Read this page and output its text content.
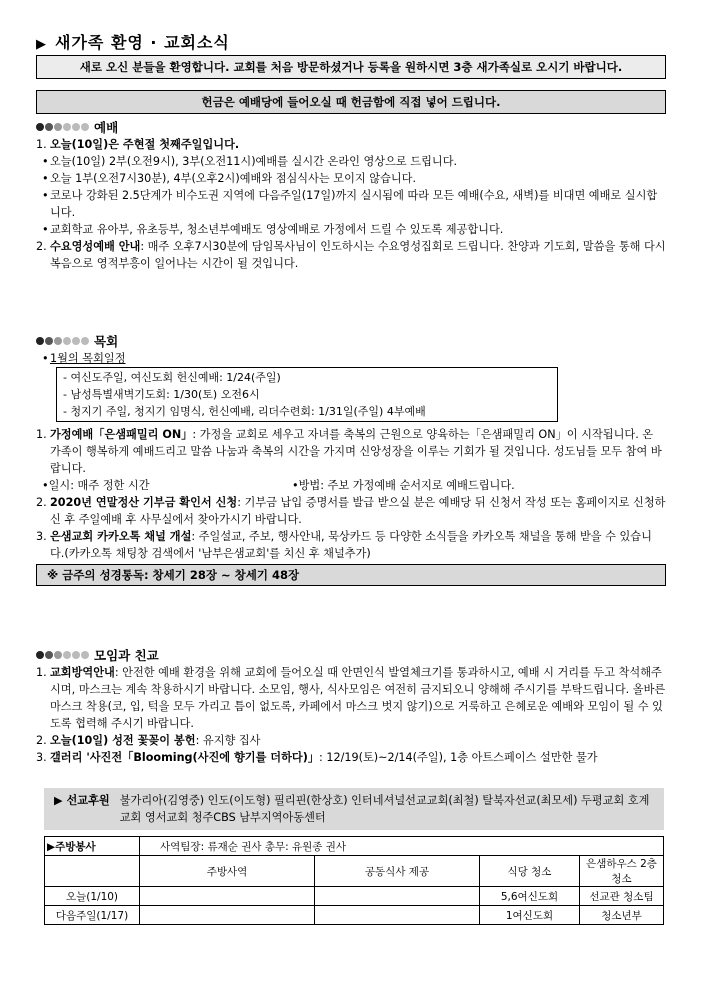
▶ 새가족 환영 · 교회소식
새로 오신 분들을 환영합니다. 교회를 처음 방문하셨거나 등록을 원하시면 3층 새가족실로 오시기 바랍니다.
헌금은 예배당에 들어오실 때 헌금함에 직접 넣어 드립니다.
예배
1. 오늘(10일)은 주현절 첫째주일입니다.
• 오늘(10일) 2부(오전9시), 3부(오전11시)예배를 실시간 온라인 영상으로 드립니다.
• 오늘 1부(오전7시30분), 4부(오후2시)예배와 점심식사는 모이지 않습니다.
• 코로나 강화된 2.5단계가 비수도권 지역에 다음주일(17일)까지 실시됨에 따라 모든 예배(수요, 새벽)를 비대면 예배로 실시합니다.
• 교회학교 유아부, 유초등부, 청소년부예배도 영상예배로 가정에서 드릴 수 있도록 제공합니다.
2. 수요영성예배 안내: 매주 오후7시30분에 담임목사님이 인도하시는 수요영성집회로 드립니다. 찬양과 기도회, 말씀을 통해 다시 복음으로 영적부흥이 일어나는 시간이 될 것입니다.
목회
• 1월의 목회일정
- 여신도주일, 여신도회 헌신예배: 1/24(주일)
- 남성특별새벽기도회: 1/30(토) 오전6시
- 청지기 주일, 청지기 임명식, 헌신예배, 리더수련회: 1/31일(주일) 4부예배
1. 가정예배「은샘패밀리 ON」: 가정을 교회로 세우고 자녀를 축복의 근원으로 양육하는「은샘패밀리 ON」이 시작됩니다. 온 가족이 행복하게 예배드리고 말씀 나눔과 축복의 시간을 가지며 신앙성장을 이루는 기회가 될 것입니다. 성도님들 모두 참여 바랍니다.
•일시: 매주 정한 시간	•방법: 주보 가정예배 순서지로 예배드립니다.
2. 2020년 연말정산 기부금 확인서 신청: 기부금 납입 증명서를 발급 받으실 분은 예배당 뒤 신청서 작성 또는 홈페이지로 신청하신 후 주일예배 후 사무실에서 찾아가시기 바랍니다.
3. 은샘교회 카카오톡 채널 개설: 주일설교, 주보, 행사안내, 묵상카드 등 다양한 소식들을 카카오톡 채널을 통해 받을 수 있습니다.(카카오톡 채팅창 검색에서 '남부은샘교회'를 치신 후 채널추가)
※ 금주의 성경통독: 창세기 28장 ~ 창세기 48장
모임과 친교
1. 교회방역안내: 안전한 예배 환경을 위해 교회에 들어오실 때 안면인식 발열체크기를 통과하시고, 예배 시 거리를 두고 착석해주시며, 마스크는 계속 착용하시기 바랍니다. 소모임, 행사, 식사모임은 여전히 금지되오니 양해해 주시기를 부탁드립니다. 올바른 마스크 착용(코, 입, 턱을 모두 가리고 틈이 없도록, 카페에서 마스크 벗지 않기)으로 거룩하고 은혜로운 예배와 모임이 될 수 있도록 협력해 주시기 바랍니다.
2. 오늘(10일) 성전 꽃꽂이 봉헌: 유지향 집사
3. 갤러리 '사진전「Blooming(사진에 향기를 더하다)」: 12/19(토)~2/14(주일), 1층 아트스페이스 설만한 물가
▶ 선교후원 불가리아(김영중) 인도(이도형) 필리핀(한상호) 인터네셔널선교교회(최철) 탈북자선교(최모세) 두평교회 호계교회 영서교회 청주CBS 남부지역아동센터
▶주방봉사	사역팀장: 류재순 권사 총무: 유원종 권사			
	주방사역	공동식사 제공	식당 청소	은샘하우스 2층 청소
오늘(1/10)			5,6여신도회	선교관 청소팀
다음주일(1/17)			1여신도회	청소년부
